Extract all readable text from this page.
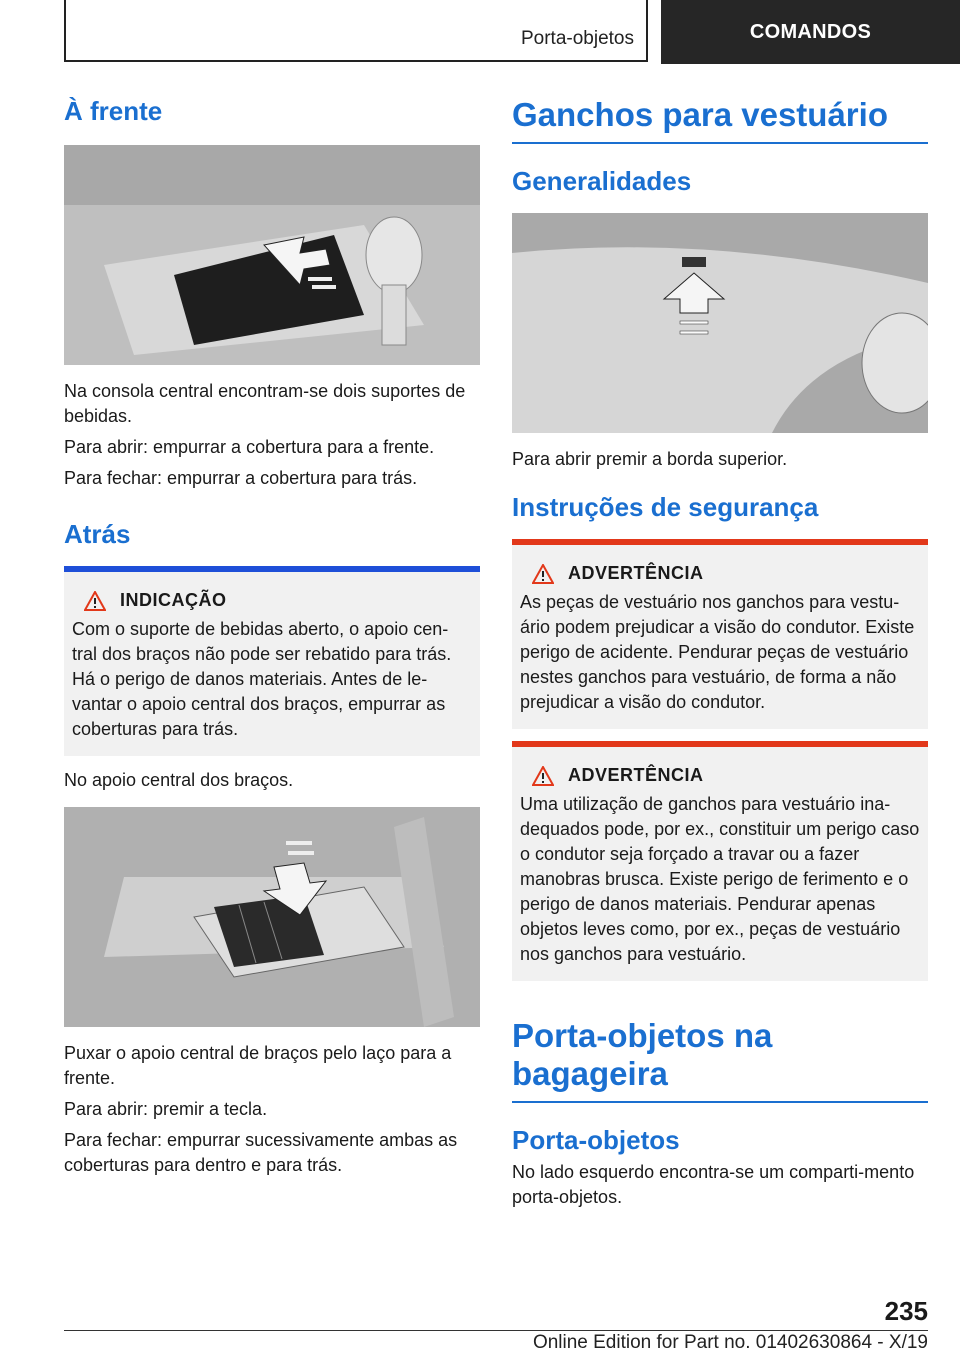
Porta-objetos	COMANDOS
À frente

Na consola central encontram-se dois suportes de bebidas.

Para abrir: empurrar a cobertura para a frente.

Para fechar: empurrar a cobertura para trás.

Atrás
INDICAÇÃO

Com o suporte de bebidas aberto, o apoio cen-tral dos braços não pode ser rebatido para trás. Há o perigo de danos materiais. Antes de le-vantar o apoio central dos braços, empurrar as coberturas para trás.

No apoio central dos braços.

Puxar o apoio central de braços pelo laço para a frente.

Para abrir: premir a tecla.

Para fechar: empurrar sucessivamente ambas as coberturas para dentro e para trás.

Ganchos para vestuário
Generalidades

Para abrir premir a borda superior.

Instruções de segurança
ADVERTÊNCIA

As peças de vestuário nos ganchos para vestu-ário podem prejudicar a visão do condutor. Existe perigo de acidente. Pendurar peças de vestuário nestes ganchos para vestuário, de forma a não prejudicar a visão do condutor.

ADVERTÊNCIA

Uma utilização de ganchos para vestuário ina-dequados pode, por ex., constituir um perigo caso o condutor seja forçado a travar ou a fazer manobras brusca. Existe perigo de ferimento e o perigo de danos materiais. Pendurar apenas objetos leves como, por ex., peças de vestuário nos ganchos para vestuário.

Porta-objetos na bagageira
Porta-objetos

No lado esquerdo encontra-se um comparti-mento porta-objetos.

235
Online Edition for Part no. 01402630864 - X/19
